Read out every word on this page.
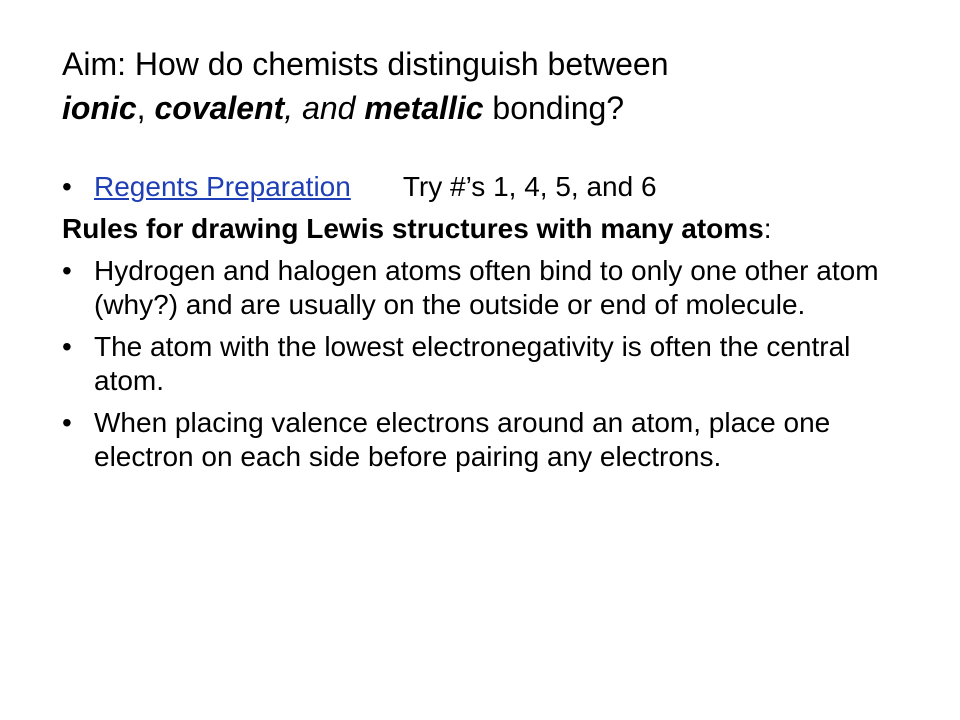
Aim: How do chemists distinguish between
ionic, covalent, and metallic bonding?
• Regents Preparation Try #’s 1, 4, 5, and 6
Rules for drawing Lewis structures with many atoms:
• Hydrogen and halogen atoms often bind to only one other atom (why?) and are usually on the outside or end of molecule.
• The atom with the lowest electronegativity is often the central atom.
• When placing valence electrons around an atom, place one electron on each side before pairing any electrons.
